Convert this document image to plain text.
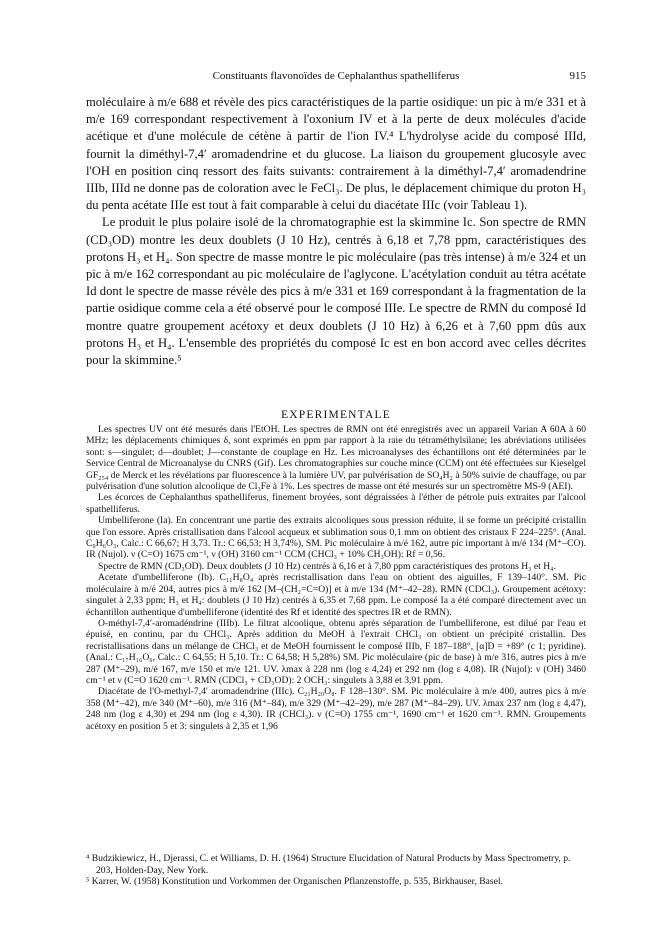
Constituants flavonoïdes de Cephalanthus spathelliferus	915

moléculaire à m/e 688 et révèle des pics caractéristiques de la partie osidique: un pic à m/e 331 et à m/e 169 correspondant respectivement à l'oxonium IV et à la perte de deux molécules d'acide acétique et d'une molécule de cétène à partir de l'ion IV.⁴ L'hydrolyse acide du composé IIId, fournit la diméthyl-7,4′ aromadendrine et du glucose. La liaison du groupement glucosyle avec l'OH en position cinq ressort des faits suivants: contrairement à la diméthyl-7,4′ aromadendrine IIIb, IIId ne donne pas de coloration avec le FeCl₃. De plus, le déplacement chimique du proton H₃ du penta acétate IIIe est tout à fait comparable à celui du diacétate IIIc (voir Tableau 1).

Le produit le plus polaire isolé de la chromatographie est la skimmine Ic. Son spectre de RMN (CD₃OD) montre les deux doublets (J 10 Hz), centrés à 6,18 et 7,78 ppm, caractéristiques des protons H₃ et H₄. Son spectre de masse montre le pic moléculaire (pas très intense) à m/e 324 et un pic à m/e 162 correspondant au pic moléculaire de l'aglycone. L'acétylation conduit au tétra acétate Id dont le spectre de masse révèle des pics à m/e 331 et 169 correspondant à la fragmentation de la partie osidique comme cela a été observé pour le composé IIIe. Le spectre de RMN du composé Id montre quatre groupement acétoxy et deux doublets (J 10 Hz) à 6,26 et à 7,60 ppm dûs aux protons H₃ et H₄. L'ensemble des propriétés du composé Ic est en bon accord avec celles décrites pour la skimmine.⁵

EXPERIMENTALE

Les spectres UV ont été mesurés dans l'EtOH. Les spectres de RMN ont été enregistrés avec un appareil Varian A 60A à 60 MHz; les déplacements chimiques δ, sont exprimés en ppm par rapport à la raie du tétraméthylsilane; les abréviations utilisées sont: s—singulet; d—doublet; J—constante de couplage en Hz. Les microanalyses des échantillons ont été déterminées par le Service Central de Microanalyse du CNRS (Gif). Les chromatographies sur couche mince (CCM) ont été effectuées sur Kieselgel GF₂₅₄ de Merck et les révélations par fluorescence à la lumière UV, par pulvérisation de SO₄H₂ à 50% suivie de chauffage, ou par pulvérisation d'une solution alcoolique de Cl₃Fe à 1%. Les spectres de masse ont été mesurés sur un spectromètre MS-9 (AEI).

Les écorces de Cephalanthus spathelliferus, finement broyées, sont dégraissées à l'éther de pétrole puis extraites par l'alcool spathelliferus.

Umbelliferone (Ia). En concentrant une partie des extraits alcooliques sous pression réduite, il se forme un précipité cristallin que l'on essore. Après cristallisation dans l'alcool acqueux et sublimation sous 0,1 mm on obtient des cristaux F 224–225°. (Anal. C₉H₆O₃, Calc.: C 66,67; H 3,73. Tr.: C 66,53; H 3,74%), SM. Pic moléculaire à m/é 162, autre pic important à m/é 134 (M⁺–CO). IR (Nujol). ν (C=O) 1675 cm⁻¹, ν (OH) 3160 cm⁻¹ CCM (CHCl₃ + 10% CH₃OH): Rf = 0,56.

Spectre de RMN (CD₃OD). Deux doublets (J 10 Hz) centrés à 6,16 et à 7,80 ppm caractéristiques des protons H₃ et H₄.

Acetate d'umbelliferone (Ib). C₁₁H₈O₄ après recristallisation dans l'eau on obtient des aiguilles, F 139–140°. SM. Pic moléculaire à m/é 204, autres pics à m/é 162 [M–(CH₂=C=O)] et à m/e 134 (M⁺–42–28). RMN (CDCl₃). Groupement acétoxy: singulet à 2,33 ppm; H₃ et H₄: doublets (J 10 Hz) centrés à 6,35 et 7,68 ppm. Le composé Ia a été comparé directement avec un échantillon authentique d'umbelliferone (identité des Rf et identité des spectres IR et de RMN).

O-méthyl-7,4′-aromadéndrine (IIIb). Le filtrat alcoolique, obtenu après séparation de l'umbelliferone, est dilué par l'eau et épuisé, en continu, par du CHCl₃. Après addition du MeOH à l'extrait CHCl₃ on obtient un précipité cristallin. Des recristallisations dans un mélange de CHCl₃ et de MeOH fournissent le composé IIIb, F 187–188°, [α]D = +89° (c 1; pyridine). (Anal.: C₁₇H₁₆O₆, Calc.: C 64,55; H 5,10. Tr.: C 64,58; H 5,28%) SM. Pic moléculaire (pic de base) à m/e 316, autres pics à m/e 287 (M⁺–29), m/é 167, m/e 150 et m/e 121. UV. λmax à 228 nm (log ε 4,24) et 292 nm (log ε 4,08). IR (Nujol): ν (OH) 3460 cm⁻¹ et ν (C=O 1620 cm⁻¹. RMN (CDCl₃ + CD₃OD): 2 OCH₃: singulets à 3,88 et 3,91 ppm.

Diacétate de l'O-methyl-7,4′ aromadendrine (IIIc). C₂₁H₂₀O₈. F 128–130°. SM. Pic moléculaire à m/e 400, autres pics à m/e 358 (M⁺–42), m/e 340 (M⁺–60), m/e 316 (M⁺–84), m/e 329 (M⁺–42–29), m/e 287 (M⁺–84–29). UV. λmax 237 nm (log ε 4,47), 248 nm (log ε 4,30) et 294 nm (log ε 4,30). IR (CHCl₃). ν (C=O) 1755 cm⁻¹, 1690 cm⁻¹ et 1620 cm⁻¹. RMN. Groupements acétoxy en position 5 et 3: singulets à 2,35 et 1,96

⁴ Budzikiewicz, H., Djerassi, C. et Williams, D. H. (1964) Structure Elucidation of Natural Products by Mass Spectrometry, p. 203, Holden-Day, New York.

⁵ Karrer, W. (1958) Konstitution und Vorkommen der Organischen Pflanzenstoffe, p. 535, Birkhauser, Basel.
